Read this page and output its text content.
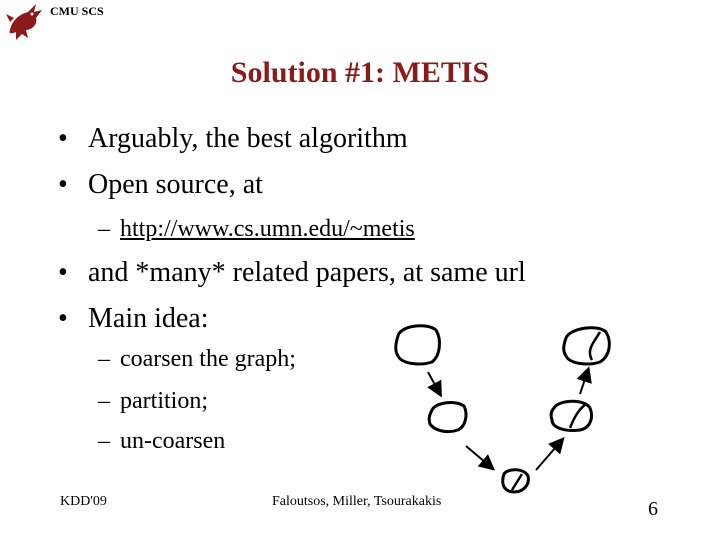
CMU SCS
Solution #1: METIS
• Arguably, the best algorithm
• Open source, at
– http://www.cs.umn.edu/~metis
• and *many* related papers, at same url
• Main idea:
– coarsen the graph;
– partition;
– un-coarsen
KDD'09	Faloutsos, Miller, Tsourakakis	6
